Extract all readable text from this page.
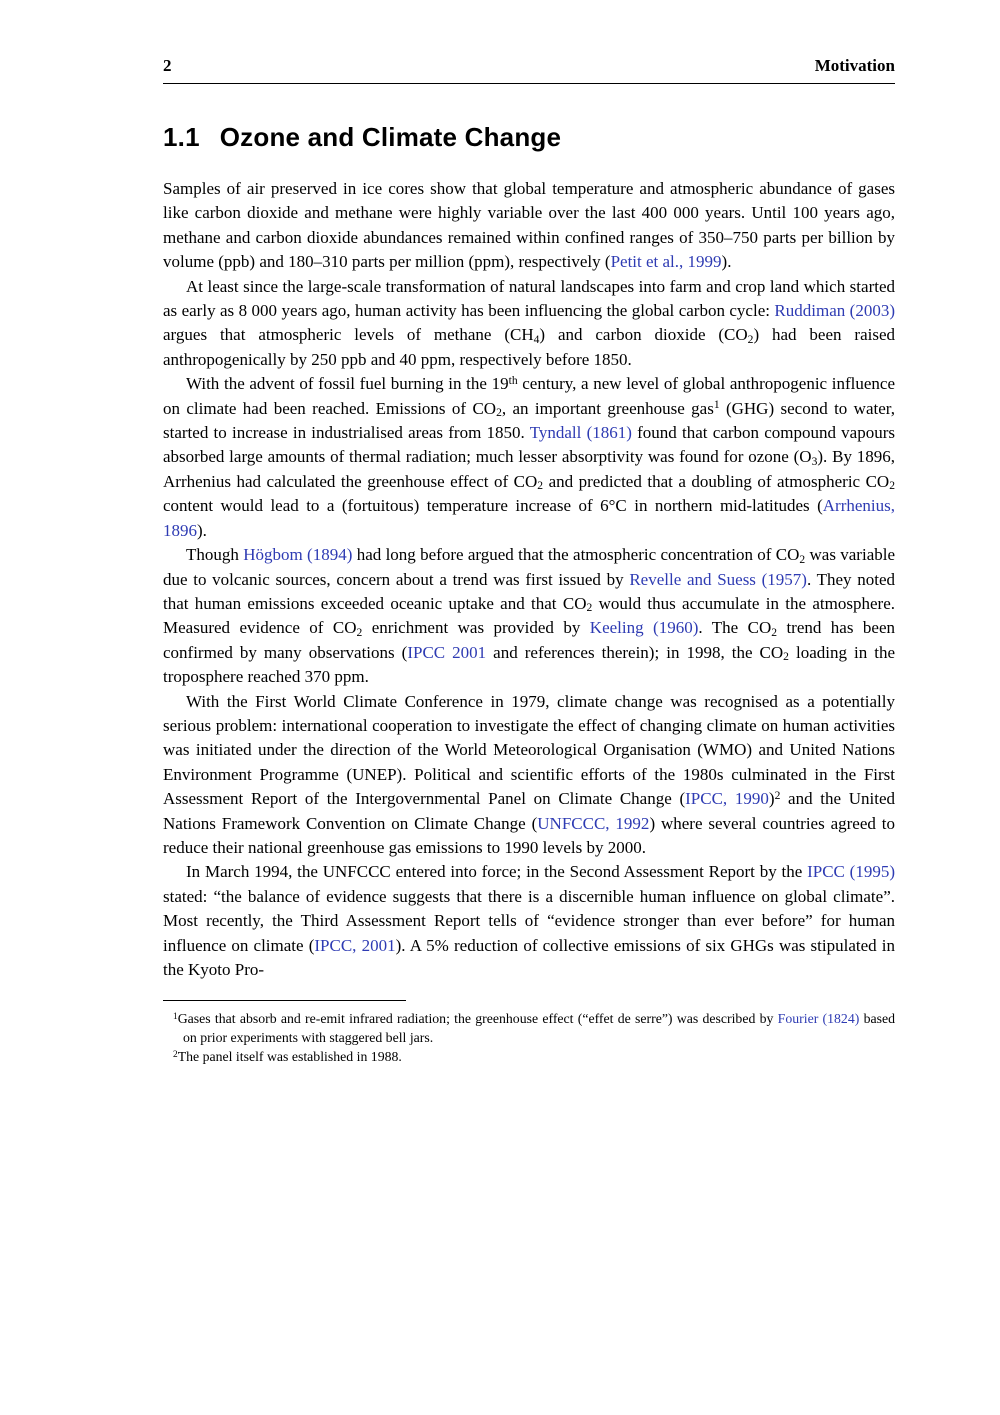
2	Motivation
1.1 Ozone and Climate Change

Samples of air preserved in ice cores show that global temperature and atmospheric abundance of gases like carbon dioxide and methane were highly variable over the last 400 000 years. Until 100 years ago, methane and carbon dioxide abundances remained within confined ranges of 350–750 parts per billion by volume (ppb) and 180–310 parts per million (ppm), respectively (Petit et al., 1999).

At least since the large-scale transformation of natural landscapes into farm and crop land which started as early as 8 000 years ago, human activity has been influencing the global carbon cycle: Ruddiman (2003) argues that atmospheric levels of methane $(CH_4)$ and carbon dioxide $(CO_2)$ had been raised anthropogenically by 250 ppb and 40 ppm, respectively before 1850.

With the advent of fossil fuel burning in the 19th century, a new level of global anthropogenic influence on climate had been reached. Emissions of $CO_2$, an important greenhouse gas$^1$ (GHG) second to water, started to increase in industrialised areas from 1850. Tyndall (1861) found that carbon compound vapours absorbed large amounts of thermal radiation; much lesser absorptivity was found for ozone $(O_3)$. By 1896, Arrhenius had calculated the greenhouse effect of $CO_2$ and predicted that a doubling of atmospheric $CO_2$ content would lead to a (fortuitous) temperature increase of 6°C in northern mid-latitudes (Arrhenius, 1896).

Though Högbom (1894) had long before argued that the atmospheric concentration of $CO_2$ was variable due to volcanic sources, concern about a trend was first issued by Revelle and Suess (1957). They noted that human emissions exceeded oceanic uptake and that $CO_2$ would thus accumulate in the atmosphere. Measured evidence of $CO_2$ enrichment was provided by Keeling (1960). The $CO_2$ trend has been confirmed by many observations (IPCC 2001 and references therein); in 1998, the $CO_2$ loading in the troposphere reached 370 ppm.

With the First World Climate Conference in 1979, climate change was recognised as a potentially serious problem: international cooperation to investigate the effect of changing climate on human activities was initiated under the direction of the World Meteorological Organisation (WMO) and United Nations Environment Programme (UNEP). Political and scientific efforts of the 1980s culminated in the First Assessment Report of the Intergovernmental Panel on Climate Change (IPCC, 1990)$^2$ and the United Nations Framework Convention on Climate Change (UNFCCC, 1992) where several countries agreed to reduce their national greenhouse gas emissions to 1990 levels by 2000.

In March 1994, the UNFCCC entered into force; in the Second Assessment Report by the IPCC (1995) stated: “the balance of evidence suggests that there is a discernible human influence on global climate”. Most recently, the Third Assessment Report tells of “evidence stronger than ever before” for human influence on climate (IPCC, 2001). A 5% reduction of collective emissions of six GHGs was stipulated in the Kyoto Pro-

$^1$Gases that absorb and re-emit infrared radiation; the greenhouse effect (“effet de serre”) was described by Fourier (1824) based on prior experiments with staggered bell jars.

$^2$The panel itself was established in 1988.
